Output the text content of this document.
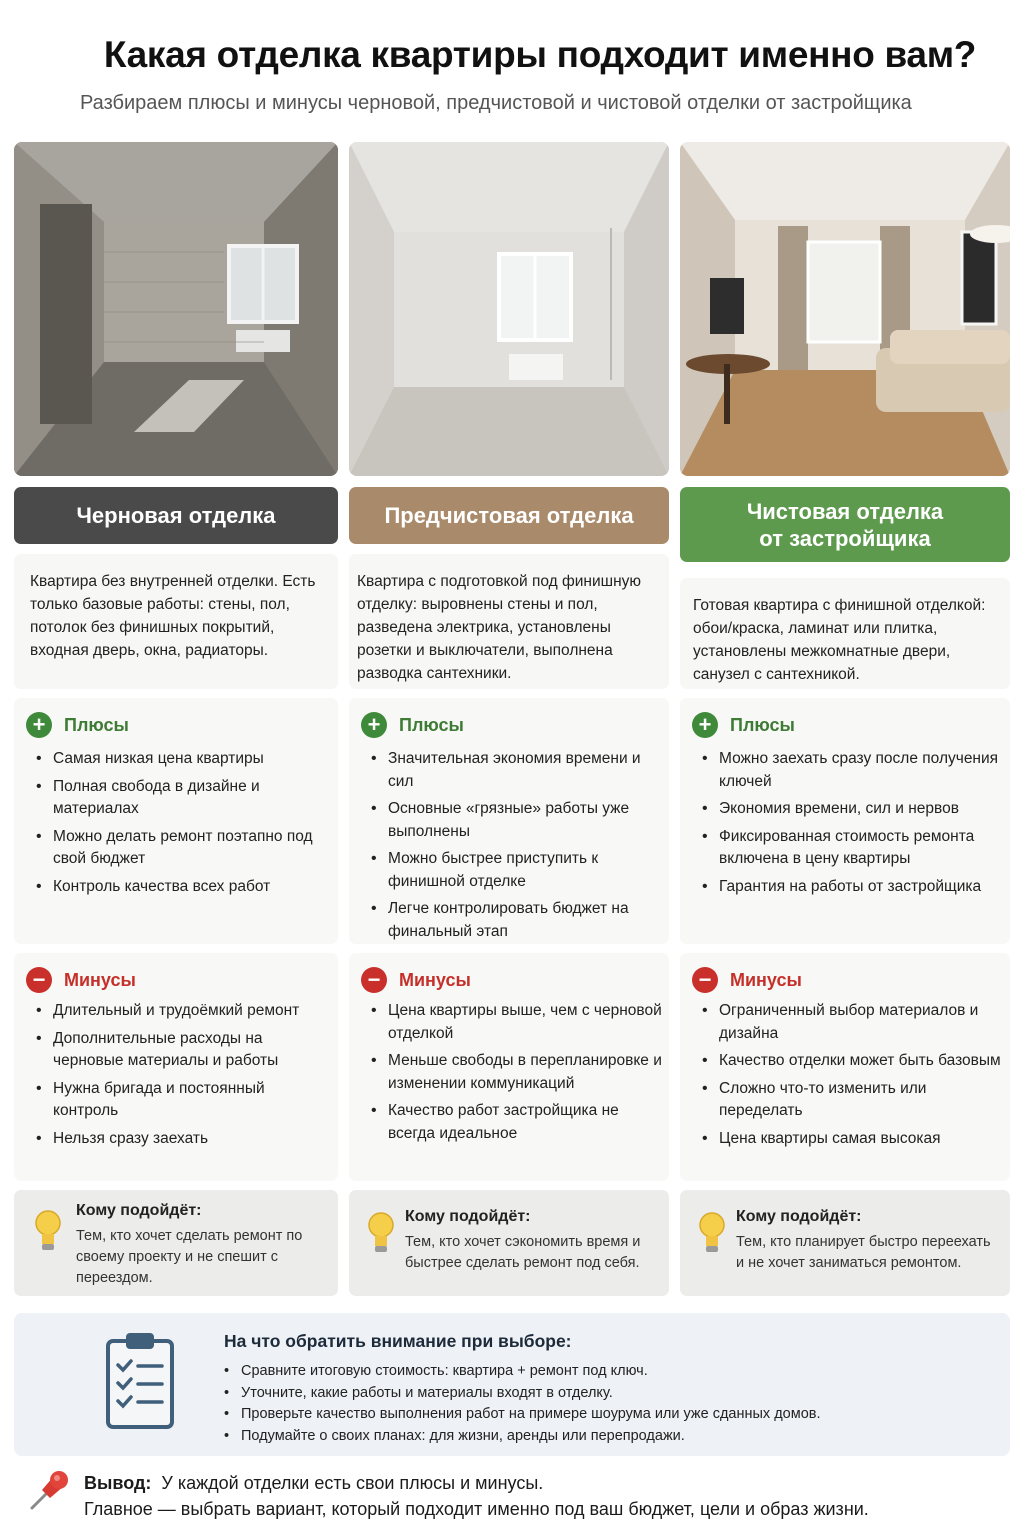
Какая отделка квартиры подходит именно вам?
Разбираем плюсы и минусы черновой, предчистовой и чистовой отделки от застройщика
Черновая отделка
Квартира без внутренней отделки. Есть только базовые работы: стены, пол, потолок без финишных покрытий, входная дверь, окна, радиаторы.
+	Плюсы
• Самая низкая цена квартиры
• Полная свобода в дизайне и материалах
• Можно делать ремонт поэтапно под свой бюджет
• Контроль качества всех работ
−	Минусы
• Длительный и трудоёмкий ремонт
• Дополнительные расходы на черновые материалы и работы
• Нужна бригада и постоянный контроль
• Нельзя сразу заехать
Кому подойдёт:
Тем, кто хочет сделать ремонт по своему проекту и не спешит с переездом.
Предчистовая отделка
Квартира с подготовкой под финишную отделку: выровнены стены и пол, разведена электрика, установлены розетки и выключатели, выполнена разводка сантехники.
+	Плюсы
• Значительная экономия времени и сил
• Основные «грязные» работы уже выполнены
• Можно быстрее приступить к финишной отделке
• Легче контролировать бюджет на финальный этап
−	Минусы
• Цена квартиры выше, чем с черновой отделкой
• Меньше свободы в перепланировке и изменении коммуникаций
• Качество работ застройщика не всегда идеальное
Кому подойдёт:
Тем, кто хочет сэкономить время и быстрее сделать ремонт под себя.
Чистовая отделка
от застройщика
Готовая квартира с финишной отделкой: обои/краска, ламинат или плитка, установлены межкомнатные двери, санузел с сантехникой.
+	Плюсы
• Можно заехать сразу после получения ключей
• Экономия времени, сил и нервов
• Фиксированная стоимость ремонта включена в цену квартиры
• Гарантия на работы от застройщика
−	Минусы
• Ограниченный выбор материалов и дизайна
• Качество отделки может быть базовым
• Сложно что-то изменить или переделать
• Цена квартиры самая высокая
Кому подойдёт:
Тем, кто планирует быстро переехать и не хочет заниматься ремонтом.
На что обратить внимание при выборе:
• Сравните итоговую стоимость: квартира + ремонт под ключ.
• Уточните, какие работы и материалы входят в отделку.
• Проверьте качество выполнения работ на примере шоурума или уже сданных домов.
• Подумайте о своих планах: для жизни, аренды или перепродажи.
Вывод: У каждой отделки есть свои плюсы и минусы.
Главное — выбрать вариант, который подходит именно под ваш бюджет, цели и образ жизни.
